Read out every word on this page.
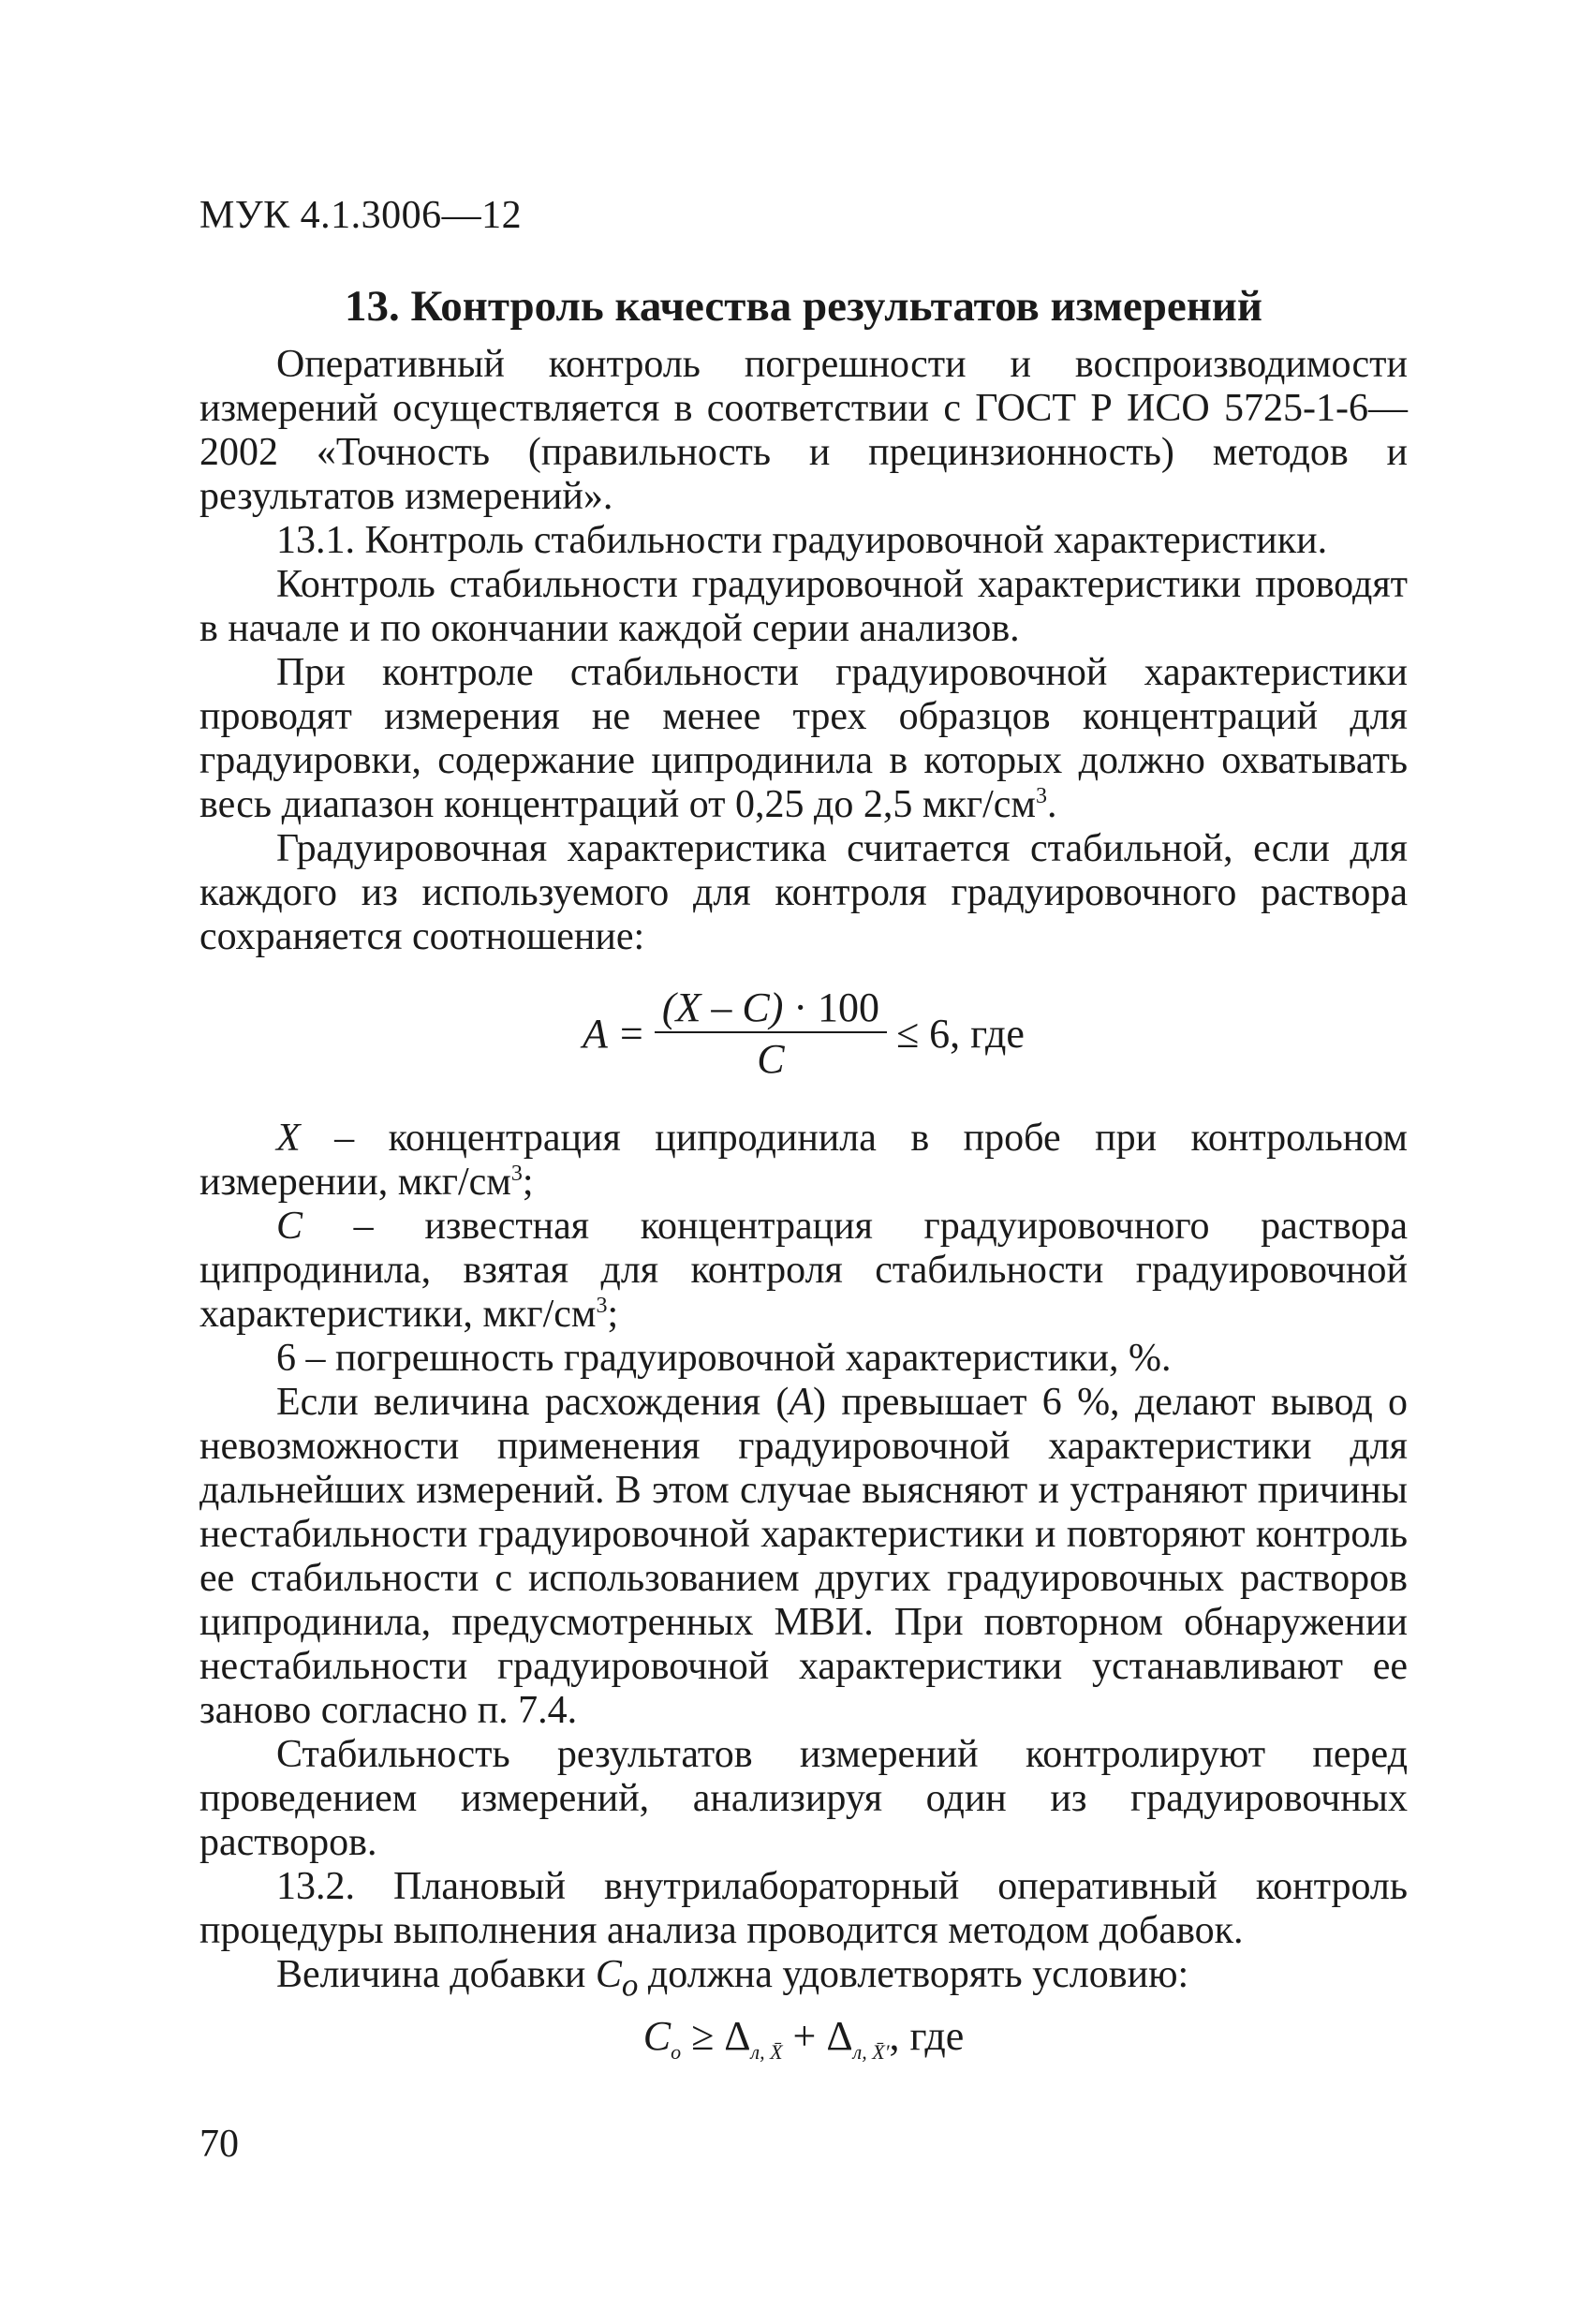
МУК 4.1.3006—12
13. Контроль качества результатов измерений

Оперативный контроль погрешности и воспроизводимости измерений осуществляется в соответствии с ГОСТ Р ИСО 5725-1-6—2002 «Точность (правильность и прецинзионность) методов и результатов измерений».

13.1. Контроль стабильности градуировочной характеристики.

Контроль стабильности градуировочной характеристики проводят в начале и по окончании каждой серии анализов.

При контроле стабильности градуировочной характеристики проводят измерения не менее трех образцов концентраций для градуировки, содержание ципродинила в которых должно охватывать весь диапазон концентраций от 0,25 до 2,5 мкг/$см^3$.

Градуировочная характеристика считается стабильной, если для каждого из используемого для контроля градуировочного раствора сохраняется соотношение:

$A = \frac{(X - C) \cdot 100}{C} \le 6$, где

X – концентрация ципродинила в пробе при контрольном измерении, мкг/$см^3$;

C – известная концентрация градуировочного раствора ципродинила, взятая для контроля стабильности градуировочной характеристики, мкг/$см^3$;

6 – погрешность градуировочной характеристики, %.

Если величина расхождения (A) превышает 6 %, делают вывод о невозможности применения градуировочной характеристики для дальнейших измерений. В этом случае выясняют и устраняют причины нестабильности градуировочной характеристики и повторяют контроль ее стабильности с использованием других градуировочных растворов ципродинила, предусмотренных МВИ. При повторном обнаружении нестабильности градуировочной характеристики устанавливают ее заново согласно п. 7.4.

Стабильность результатов измерений контролируют перед проведением измерений, анализируя один из градуировочных растворов.

13.2. Плановый внутрилабораторный оперативный контроль процедуры выполнения анализа проводится методом добавок.

Величина добавки $C_о$ должна удовлетворять условию:

$C_о \ge \Delta_{л, X̄} + \Delta_{л, X̄'}$, где
70
